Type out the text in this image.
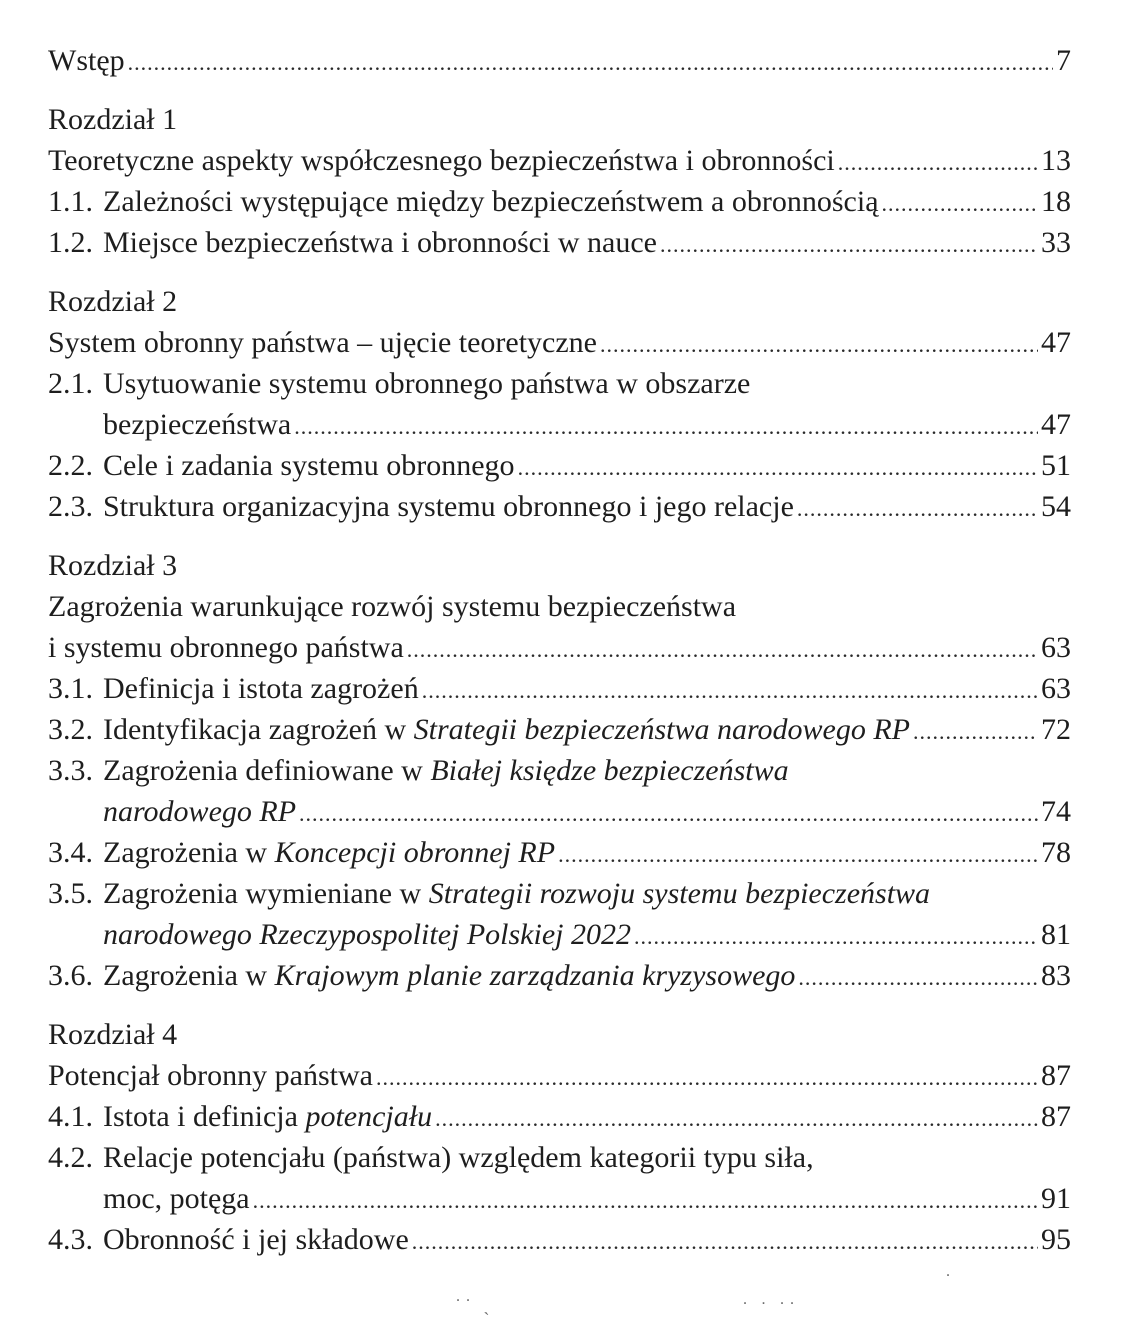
Wstęp .....	7
Rozdział 1
Teoretyczne aspekty współczesnego bezpieczeństwa i obronności .....	13
1.1. Zależności występujące między bezpieczeństwem a obronnością .....	18
1.2. Miejsce bezpieczeństwa i obronności w nauce .....	33
Rozdział 2
System obronny państwa – ujęcie teoretyczne .....	47
2.1. Usytuowanie systemu obronnego państwa w obszarze
bezpieczeństwa .....	47
2.2. Cele i zadania systemu obronnego .....	51
2.3. Struktura organizacyjna systemu obronnego i jego relacje .....	54
Rozdział 3
Zagrożenia warunkujące rozwój systemu bezpieczeństwa
i systemu obronnego państwa .....	63
3.1. Definicja i istota zagrożeń .....	63
3.2. Identyfikacja zagrożeń w Strategii bezpieczeństwa narodowego RP .....	72
3.3. Zagrożenia definiowane w Białej księdze bezpieczeństwa
narodowego RP .....	74
3.4. Zagrożenia w Koncepcji obronnej RP .....	78
3.5. Zagrożenia wymieniane w Strategii rozwoju systemu bezpieczeństwa
narodowego Rzeczypospolitej Polskiej 2022 .....	81
3.6. Zagrożenia w Krajowym planie zarządzania kryzysowego .....	83
Rozdział 4
Potencjał obronny państwa .....	87
4.1. Istota i definicja potencjału .....	87
4.2. Relacje potencjału (państwa) względem kategorii typu siła,
moc, potęga .....	91
4.3. Obronność i jej składowe .....	95
˙˙ ˎ	˙ ˙ ˙˙
˙
